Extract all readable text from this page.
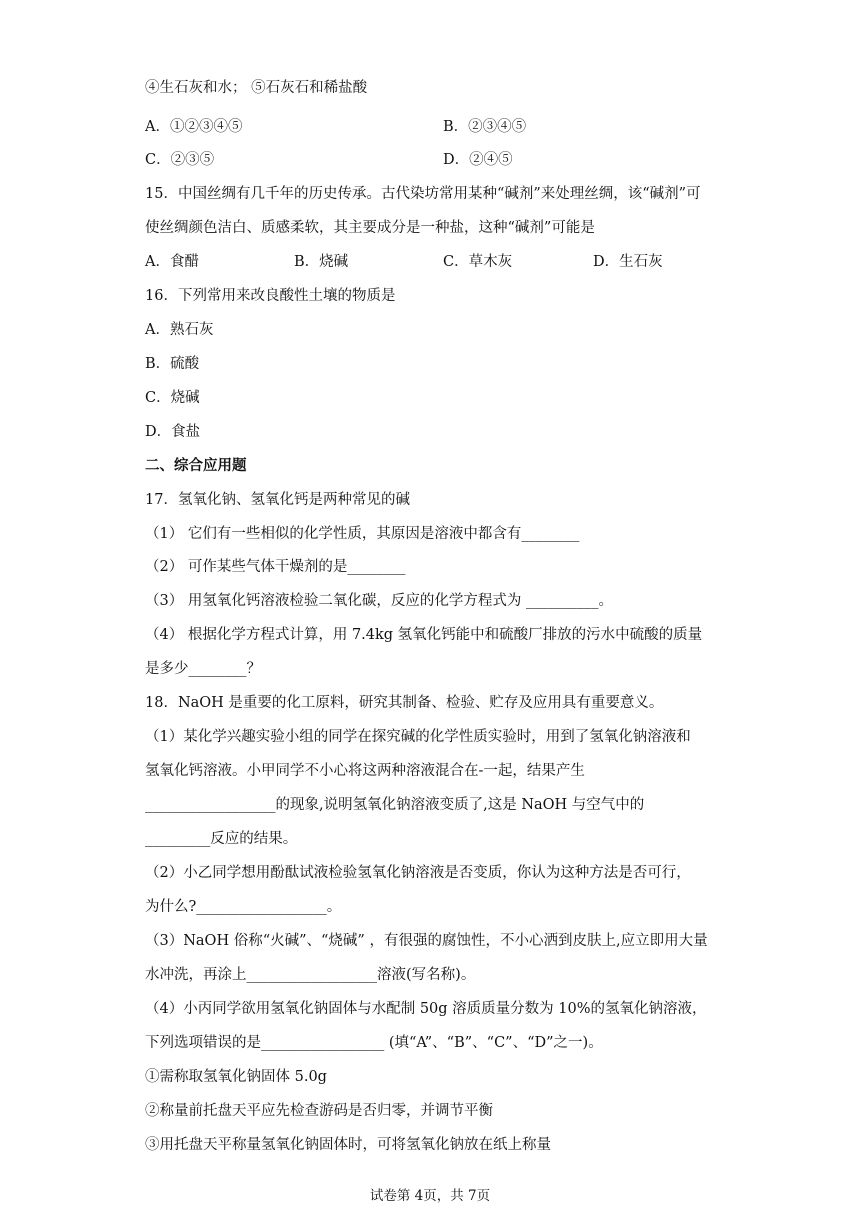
④生石灰和水； ⑤石灰石和稀盐酸
A．①②③④⑤	B．②③④⑤
C．②③⑤	D．②④⑤
15．中国丝绸有几千年的历史传承。古代染坊常用某种“碱剂”来处理丝绸，该“碱剂”可
使丝绸颜色洁白、质感柔软，其主要成分是一种盐，这种“碱剂”可能是
A．食醋	B．烧碱	C．草木灰	D．生石灰
16．下列常用来改良酸性土壤的物质是
A．熟石灰
B．硫酸
C．烧碱
D．食盐
二、综合应用题
17．氢氧化钠、氢氧化钙是两种常见的碱
（1） 它们有一些相似的化学性质，其原因是溶液中都含有________
（2） 可作某些气体干燥剂的是________
（3） 用氢氧化钙溶液检验二氧化碳，反应的化学方程式为 __________。
（4） 根据化学方程式计算，用 7.4kg 氢氧化钙能中和硫酸厂排放的污水中硫酸的质量
是多少________？
18．NaOH 是重要的化工原料，研究其制备、检验、贮存及应用具有重要意义。
（1）某化学兴趣实验小组的同学在探究碱的化学性质实验时，用到了氢氧化钠溶液和
氢氧化钙溶液。小甲同学不小心将这两种溶液混合在-一起，结果产生
__________________的现象,说明氢氧化钠溶液变质了,这是 NaOH 与空气中的
_________反应的结果。
（2）小乙同学想用酚酞试液检验氢氧化钠溶液是否变质，你认为这种方法是否可行，
为什么?__________________。
（3）NaOH 俗称“火碱”、“烧碱” ，有很强的腐蚀性，不小心洒到皮肤上,应立即用大量
水冲洗，再涂上__________________溶液(写名称)。
（4）小丙同学欲用氢氧化钠固体与水配制 50g 溶质质量分数为 10%的氢氧化钠溶液，
下列选项错误的是_________________ (填“A”、“B”、“C”、“D”之一)。
①需称取氢氧化钠固体 5.0g
②称量前托盘天平应先检查游码是否归零，并调节平衡
③用托盘天平称量氢氧化钠固体时，可将氢氧化钠放在纸上称量
试卷第 4页，共 7页
